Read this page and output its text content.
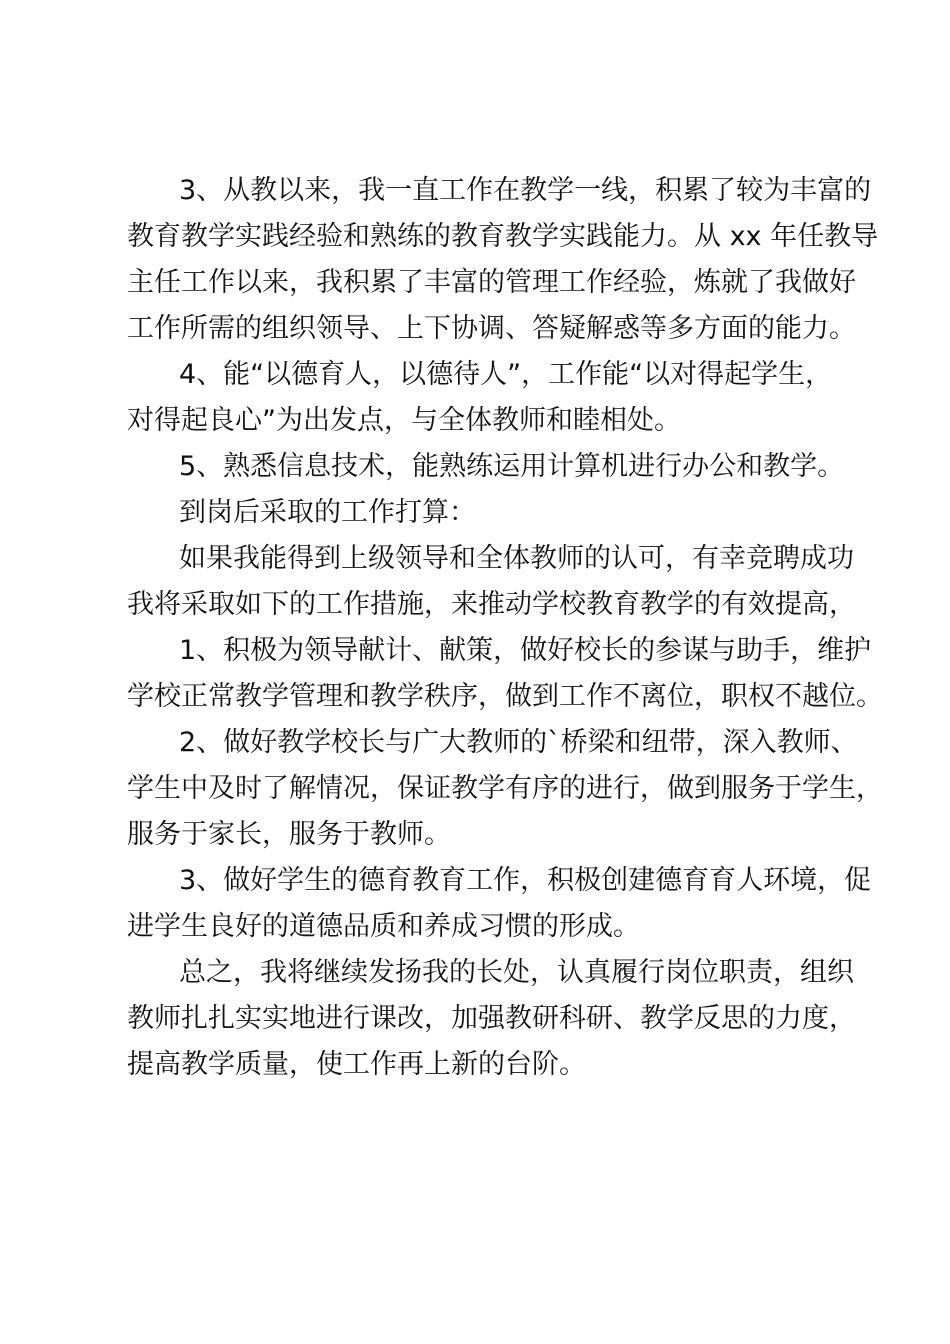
3、从教以来，我一直工作在教学一线，积累了较为丰富的
教育教学实践经验和熟练的教育教学实践能力。从 xx 年任教导
主任工作以来，我积累了丰富的管理工作经验，炼就了我做好
工作所需的组织领导、上下协调、答疑解惑等多方面的能力。
4、能“以德育人，以德待人”，工作能“以对得起学生，
对得起良心”为出发点，与全体教师和睦相处。
5、熟悉信息技术，能熟练运用计算机进行办公和教学。
到岗后采取的工作打算：
如果我能得到上级领导和全体教师的认可，有幸竞聘成功
我将采取如下的工作措施，来推动学校教育教学的有效提高，
1、积极为领导献计、献策，做好校长的参谋与助手，维护
学校正常教学管理和教学秩序，做到工作不离位，职权不越位。
2、做好教学校长与广大教师的`桥梁和纽带，深入教师、
学生中及时了解情况，保证教学有序的进行，做到服务于学生，
服务于家长，服务于教师。
3、做好学生的德育教育工作，积极创建德育育人环境，促
进学生良好的道德品质和养成习惯的形成。
总之，我将继续发扬我的长处，认真履行岗位职责，组织
教师扎扎实实地进行课改，加强教研科研、教学反思的力度，
提高教学质量，使工作再上新的台阶。
